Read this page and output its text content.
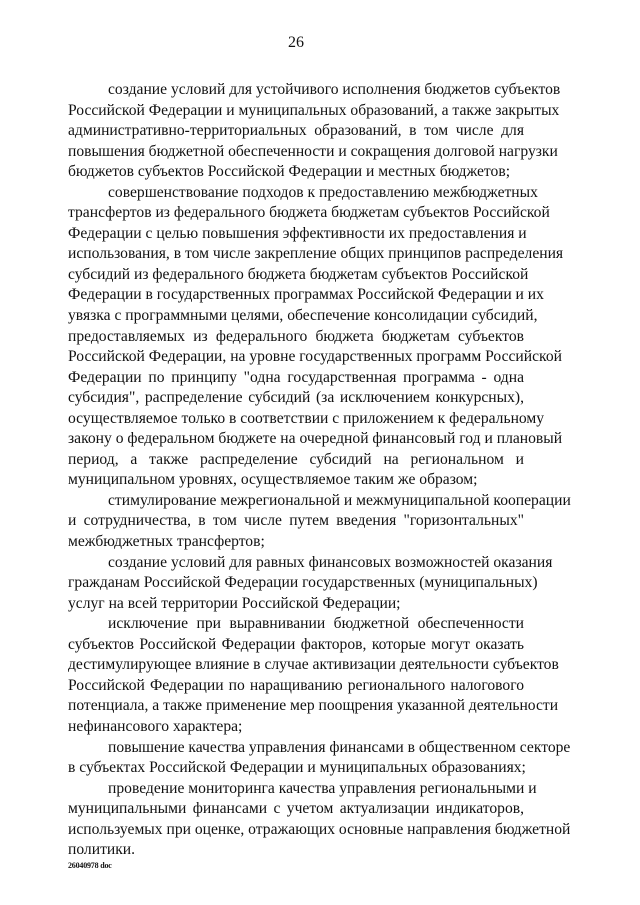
26
создание условий для устойчивого исполнения бюджетов субъектов
Российской Федерации и муниципальных образований, а также закрытых
административно-территориальных образований, в том числе для
повышения бюджетной обеспеченности и сокращения долговой нагрузки
бюджетов субъектов Российской Федерации и местных бюджетов;
совершенствование подходов к предоставлению межбюджетных
трансфертов из федерального бюджета бюджетам субъектов Российской
Федерации с целью повышения эффективности их предоставления и
использования, в том числе закрепление общих принципов распределения
субсидий из федерального бюджета бюджетам субъектов Российской
Федерации в государственных программах Российской Федерации и их
увязка с программными целями, обеспечение консолидации субсидий,
предоставляемых из федерального бюджета бюджетам субъектов
Российской Федерации, на уровне государственных программ Российской
Федерации по принципу "одна государственная программа - одна
субсидия", распределение субсидий (за исключением конкурсных),
осуществляемое только в соответствии с приложением к федеральному
закону о федеральном бюджете на очередной финансовый год и плановый
период, а также распределение субсидий на региональном и
муниципальном уровнях, осуществляемое таким же образом;
стимулирование межрегиональной и межмуниципальной кооперации
и сотрудничества, в том числе путем введения "горизонтальных"
межбюджетных трансфертов;
создание условий для равных финансовых возможностей оказания
гражданам Российской Федерации государственных (муниципальных)
услуг на всей территории Российской Федерации;
исключение при выравнивании бюджетной обеспеченности
субъектов Российской Федерации факторов, которые могут оказать
дестимулирующее влияние в случае активизации деятельности субъектов
Российской Федерации по наращиванию регионального налогового
потенциала, а также применение мер поощрения указанной деятельности
нефинансового характера;
повышение качества управления финансами в общественном секторе
в субъектах Российской Федерации и муниципальных образованиях;
проведение мониторинга качества управления региональными и
муниципальными финансами с учетом актуализации индикаторов,
используемых при оценке, отражающих основные направления бюджетной
политики.
26040978 doc
